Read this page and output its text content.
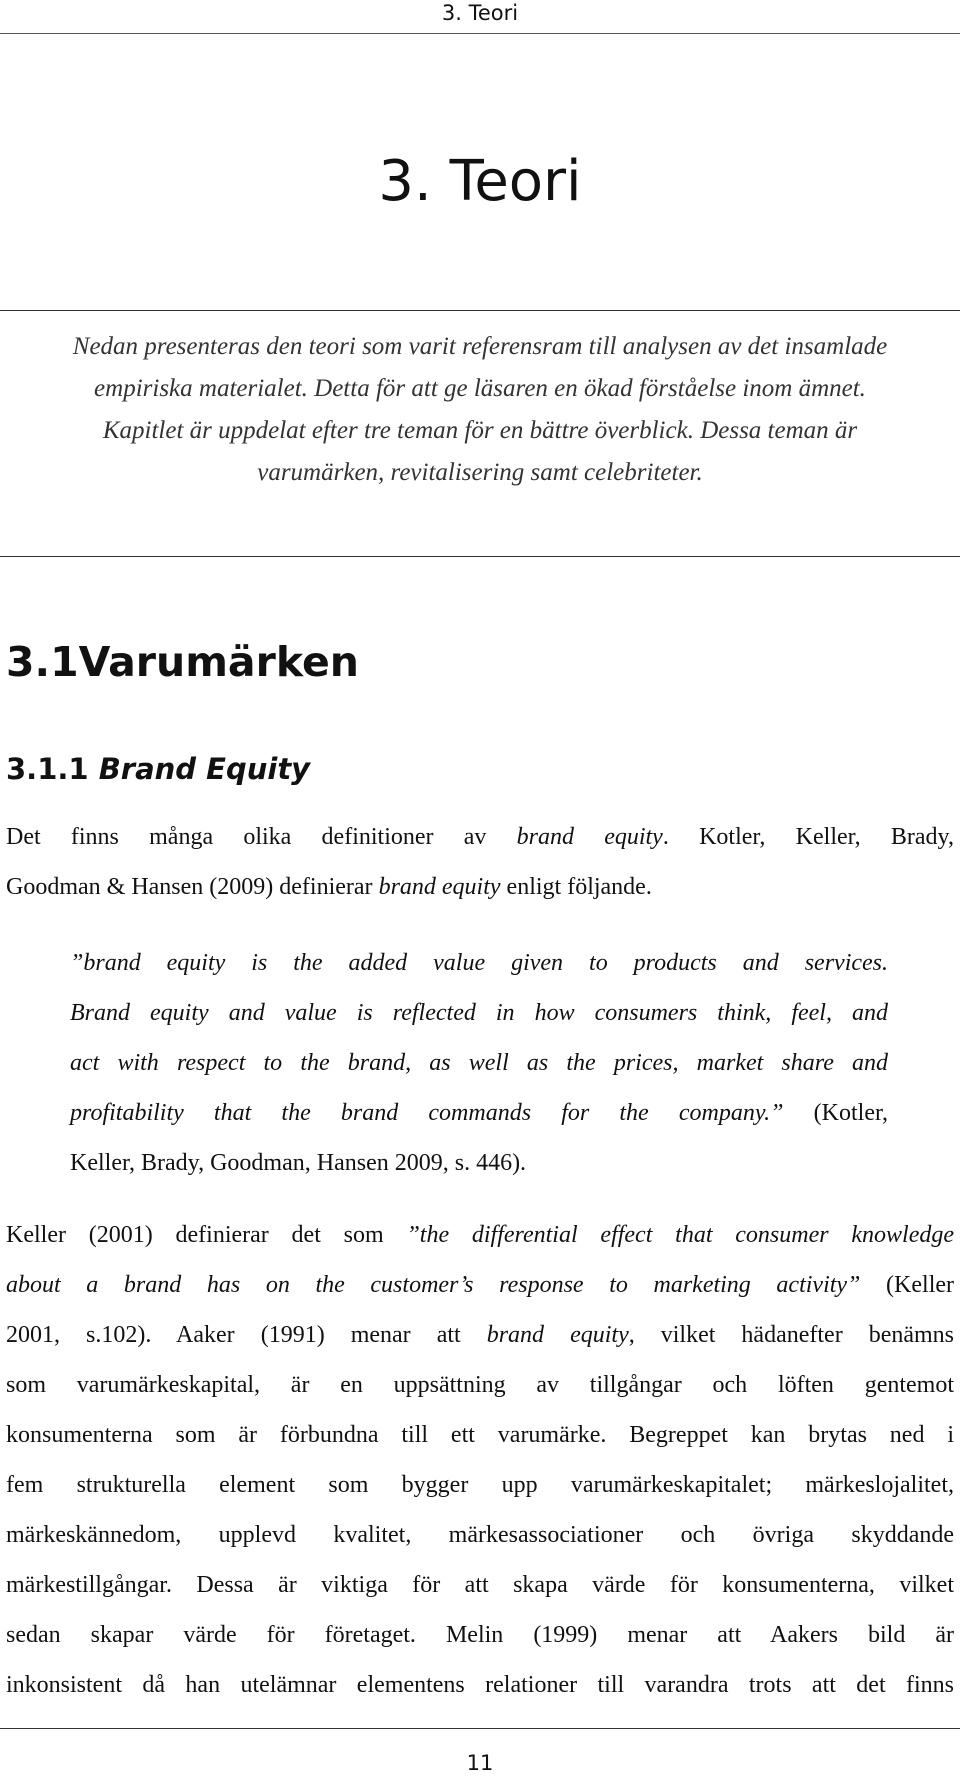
3. Teori
3. Teori
Nedan presenteras den teori som varit referensram till analysen av det insamlade
empiriska materialet. Detta för att ge läsaren en ökad förståelse inom ämnet.
Kapitlet är uppdelat efter tre teman för en bättre överblick. Dessa teman är
varumärken, revitalisering samt celebriteter.
3.1Varumärken
3.1.1 Brand Equity
Det finns många olika definitioner av brand equity. Kotler, Keller, Brady,
Goodman & Hansen (2009) definierar brand equity enligt följande.
”brand equity is the added value given to products and services.
Brand equity and value is reflected in how consumers think, feel, and
act with respect to the brand, as well as the prices, market share and
profitability that the brand commands for the company.” (Kotler,
Keller, Brady, Goodman, Hansen 2009, s. 446).
Keller (2001) definierar det som ”the differential effect that consumer knowledge
about a brand has on the customer’s response to marketing activity” (Keller
2001, s.102). Aaker (1991) menar att brand equity, vilket hädanefter benämns
som varumärkeskapital, är en uppsättning av tillgångar och löften gentemot
konsumenterna som är förbundna till ett varumärke. Begreppet kan brytas ned i
fem strukturella element som bygger upp varumärkeskapitalet; märkeslojalitet,
märkeskännedom, upplevd kvalitet, märkesassociationer och övriga skyddande
märkestillgångar. Dessa är viktiga för att skapa värde för konsumenterna, vilket
sedan skapar värde för företaget. Melin (1999) menar att Aakers bild är
inkonsistent då han utelämnar elementens relationer till varandra trots att det finns
11
